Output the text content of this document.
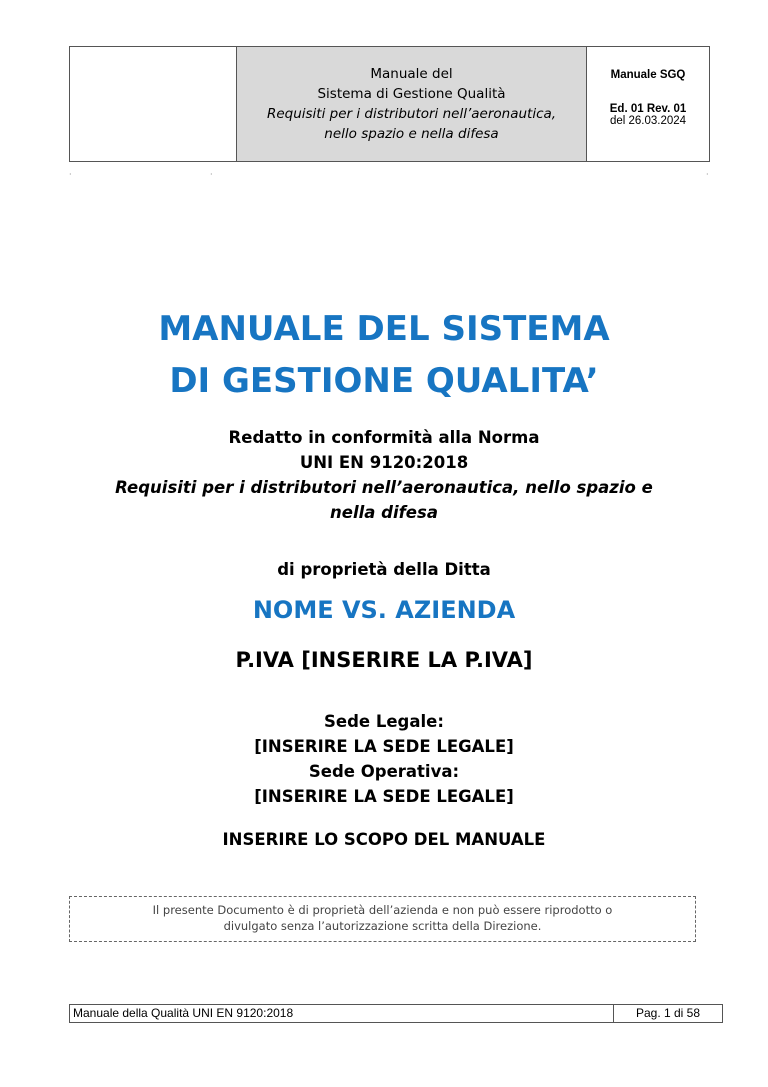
Manuale del
Sistema di Gestione Qualità
Requisiti per i distributori nell’aeronautica,
nello spazio e nella difesa
Manuale SGQ
Ed. 01 Rev. 01
del 26.03.2024
·	·	·
MANUALE DEL SISTEMA
DI GESTIONE QUALITA’
Redatto in conformità alla Norma
UNI EN 9120:2018
Requisiti per i distributori nell’aeronautica, nello spazio e
nella difesa
di proprietà della Ditta
NOME VS. AZIENDA
P.IVA [INSERIRE LA P.IVA]
Sede Legale:
[INSERIRE LA SEDE LEGALE]
Sede Operativa:
[INSERIRE LA SEDE LEGALE]
INSERIRE LO SCOPO DEL MANUALE
Il presente Documento è di proprietà dell’azienda e non può essere riprodotto o
divulgato senza l’autorizzazione scritta della Direzione.
Manuale della Qualità UNI EN 9120:2018	Pag. 1 di 58
